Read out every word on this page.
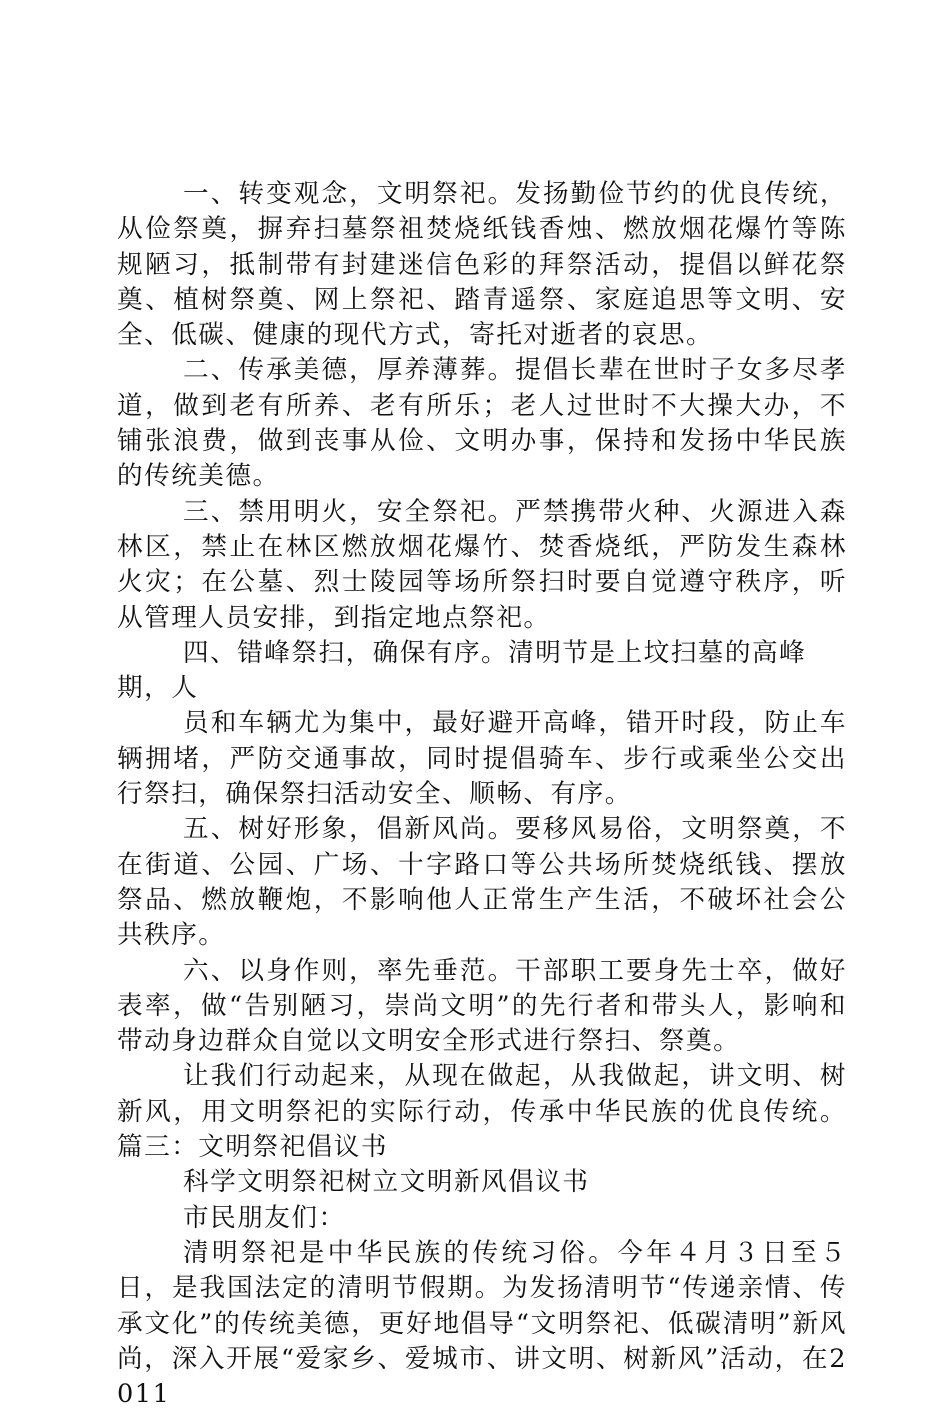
一、转变观念，文明祭祀。发扬勤俭节约的优良传统，从俭祭奠，摒弃扫墓祭祖焚烧纸钱香烛、燃放烟花爆竹等陈规陋习，抵制带有封建迷信色彩的拜祭活动，提倡以鲜花祭奠、植树祭奠、网上祭祀、踏青遥祭、家庭追思等文明、安全、低碳、健康的现代方式，寄托对逝者的哀思。

二、传承美德，厚养薄葬。提倡长辈在世时子女多尽孝道，做到老有所养、老有所乐；老人过世时不大操大办，不铺张浪费，做到丧事从俭、文明办事，保持和发扬中华民族的传统美德。

三、禁用明火，安全祭祀。严禁携带火种、火源进入森林区，禁止在林区燃放烟花爆竹、焚香烧纸，严防发生森林火灾；在公墓、烈士陵园等场所祭扫时要自觉遵守秩序，听从管理人员安排，到指定地点祭祀。

四、错峰祭扫，确保有序。清明节是上坟扫墓的高峰期，人

员和车辆尤为集中，最好避开高峰，错开时段，防止车辆拥堵，严防交通事故，同时提倡骑车、步行或乘坐公交出行祭扫，确保祭扫活动安全、顺畅、有序。

五、树好形象，倡新风尚。要移风易俗，文明祭奠，不在街道、公园、广场、十字路口等公共场所焚烧纸钱、摆放祭品、燃放鞭炮，不影响他人正常生产生活，不破坏社会公共秩序。

六、以身作则，率先垂范。干部职工要身先士卒，做好表率，做“告别陋习，崇尚文明”的先行者和带头人，影响和带动身边群众自觉以文明安全形式进行祭扫、祭奠。

让我们行动起来，从现在做起，从我做起，讲文明、树新风，用文明祭祀的实际行动，传承中华民族的优良传统。篇三：文明祭祀倡议书

科学文明祭祀树立文明新风倡议书

市民朋友们：

清明祭祀是中华民族的传统习俗。今年４月３日至５日，是我国法定的清明节假期。为发扬清明节“传递亲情、传承文化”的传统美德，更好地倡导“文明祭祀、低碳清明”新风尚，深入开展“爱家乡、爱城市、讲文明、树新风”活动，在2011
